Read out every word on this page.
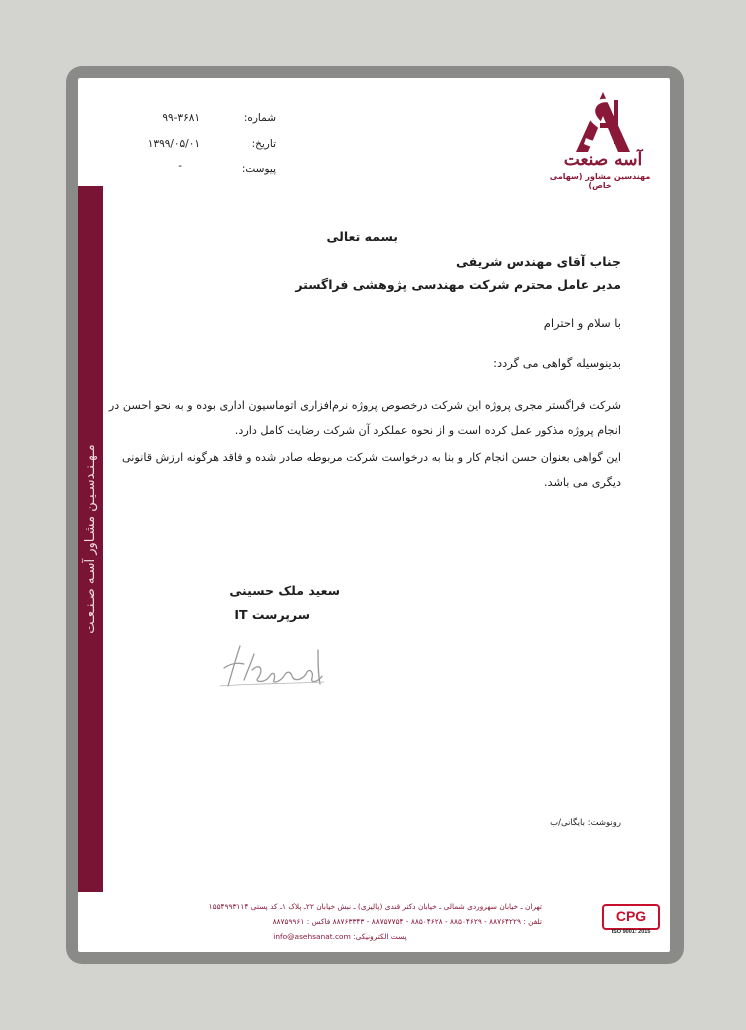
مـهـنـدسـیـن مشـاور آسـه صـنـعـت
آسه صنعت
مهندسین مشاور (سهامی خاص)
شماره:
۹۹-۳۶۸۱
تاریخ:
۱۳۹۹/۰۵/۰۱
پیوست:
-
بسمه تعالی
جناب آقای مهندس شریفی
مدیر عامل محترم شرکت مهندسی پژوهشی فراگستر
با سلام و احترام
بدینوسیله گواهی می گردد:
شرکت فراگستر مجری پروژه این شرکت درخصوص پروژه نرم‌افزاری اتوماسیون اداری بوده و به نحو احسن در
انجام پروژه مذکور عمل کرده است و از نحوه عملکرد آن شرکت رضایت کامل دارد.
این گواهی بعنوان حسن انجام کار و بنا به درخواست شرکت مربوطه صادر شده و فاقد هرگونه ارزش قانونی
دیگری می باشد.
سعید ملک حسینی
سرپرست IT
رونوشت: بایگانی/ب
تهران ـ خیابان سهروردی شمالی ـ خیابان دکتر قندی (پالیزی) ـ نبش خیابان ۲۲ـ پلاک ۱ـ کد پستی ۱۵۵۴۹۹۳۱۱۴
تلفن : ۸۸۷۶۴۲۲۹ - ۸۸۵۰۴۶۲۹ - ۸۸۵۰۴۶۲۸ - ۸۸۷۵۷۷۵۴ - ۸۸۷۶۳۳۴۳ فاکس : ۸۸۷۵۹۹۶۱
پست الکترونیکی: info@asehsanat.com
CPG
ISO 9001: 2015
